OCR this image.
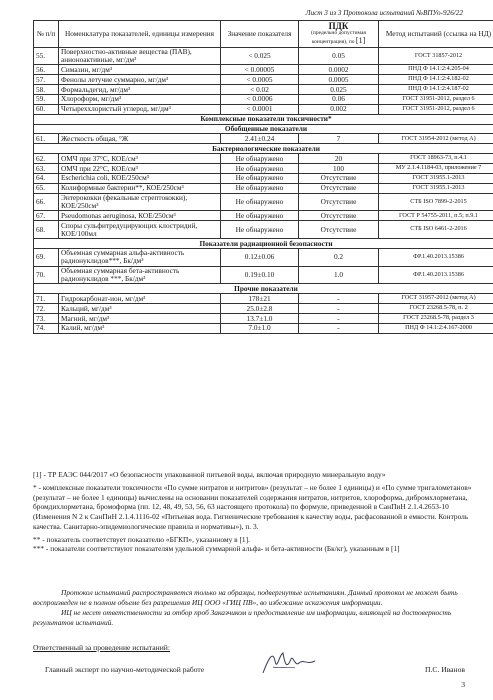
Лист 3 из 3 Протокола испытаний №ВПУо-926/22
№ п/п	Номенклатура показателей, единицы измерения	Значение показателя	ПДК
(предельно допустимая концентрация), по [1]	Метод испытаний (ссылка на НД)
55.	Поверхностно-активные вещества (ПАВ), анионоактивные, мг/дм³	< 0.025	0.05	ГОСТ 31857-2012
56.	Симазин, мг/дм³	< 0.00005	0.0002	ПНД Ф 14.1:2:4.205-04
57.	Фенолы летучие суммарно, мг/дм³	< 0.0005	0.0005	ПНД Ф 14.1:2:4.182-02
58.	Формальдегид, мг/дм³	< 0.02	0.025	ПНД Ф 14.1:2:4.187-02
59.	Хлороформ, мг/дм³	< 0.0006	0.06	ГОСТ 31951-2012, раздел 6
60.	Четыреххлористый углерод, мг/дм³	< 0.0001	0.002	ГОСТ 31951-2012, раздел 6
Комплексные показатели токсичности*				
Обобщенные показатели				
61.	Жесткость общая, °Ж	2.41±0.24	7	ГОСТ 31954-2012 (метод А)
Бактериологические показатели				
62.	ОМЧ при 37°С, КОЕ/см³	Не обнаружено	20	ГОСТ 18963-73, п.4.1
63.	ОМЧ при 22°С, КОЕ/см³	Не обнаружено	100	МУ 2.1.4.1184-03, приложение 7
64.	Escherichia coli, КОЕ/250см³	Не обнаружено	Отсутствие	ГОСТ 31955.1-2013
65.	Колиформные бактерии**, КОЕ/250см³	Не обнаружено	Отсутствие	ГОСТ 31955.1-2013
66.	Энтерококки (фекальные стрептококки), КОЕ/250см³	Не обнаружено	Отсутствие	СТБ ISO 7899-2-2015
67.	Pseudomonas aeruginosa, КОЕ/250см³	Не обнаружено	Отсутствие	ГОСТ Р 54755-2011, п.5; п.9.1
68.	Споры сульфитредуцирующих клостридий, КОЕ/100мл	Не обнаружено	Отсутствие	СТБ ISO 6461-2-2016
Показатели радиационной безопасности				
69.	Объемная суммарная альфа-активность радионуклидов***, Бк/дм³	0.12±0.06	0.2	ФР.1.40.2013.15386
70.	Объемная суммарная бета-активность радионуклидов ***, Бк/дм³	0.19±0.10	1.0	ФР.1.40.2013.15386
Прочие показатели				
71.	Гидрокарбонат-ион, мг/дм³	178±21	-	ГОСТ 31957-2012 (метод А)
72.	Кальций, мг/дм³	25.0±2.8	-	ГОСТ 23268.5-78, п. 2
73.	Магний, мг/дм³	13.7±1.0	-	ГОСТ 23268.5-78, раздел 3
74.	Калий, мг/дм³	7.0±1.0	-	ПНД Ф 14.1:2:4.167-2000

[1] - ТР ЕАЭС 044/2017 «О безопасности упакованной питьевой воды, включая природную минеральную воду»

* - комплексные показатели токсичности «По сумме нитратов и нитритов» (результат – не более 1 единицы) и «По сумме тригалометанов» (результат – не более 1 единицы) вычислены на основании показателей содержания нитратов, нитритов, хлороформа, дибромхлорметана, бромдихлорметана, бромоформа (пп. 12, 48, 49, 53, 56, 63 настоящего протокола) по формуле, приведенной в СанПиН 2.1.4.2653-10 (Изменения N 2 к СанПиН 2.1.4.1116-02 «Питьевая вода. Гигиенические требования к качеству воды, расфасованной в емкости. Контроль качества. Санитарно-эпидемиологические правила и нормативы»), п. 3.

** - показатель соответствует показателю «БГКП», указанному в [1].

*** - показатели соответствуют показателям удельной суммарной альфа- и бета-активности (Бк/кг), указанным в [1]

Протокол испытаний распространяется только на образцы, подвергнутые испытаниям. Данный протокол не может быть воспроизведен не в полном объеме без разрешения ИЦ ООО «ГИЦ ПВ», во избежание искажения информации.

ИЦ не несет ответственности за отбор проб Заказчиком и предоставление им информации, влияющей на достоверность результатов испытаний.

Ответственный за проведение испытаний:
Главный эксперт по научно-методической работе	П.С. Иванов
3
